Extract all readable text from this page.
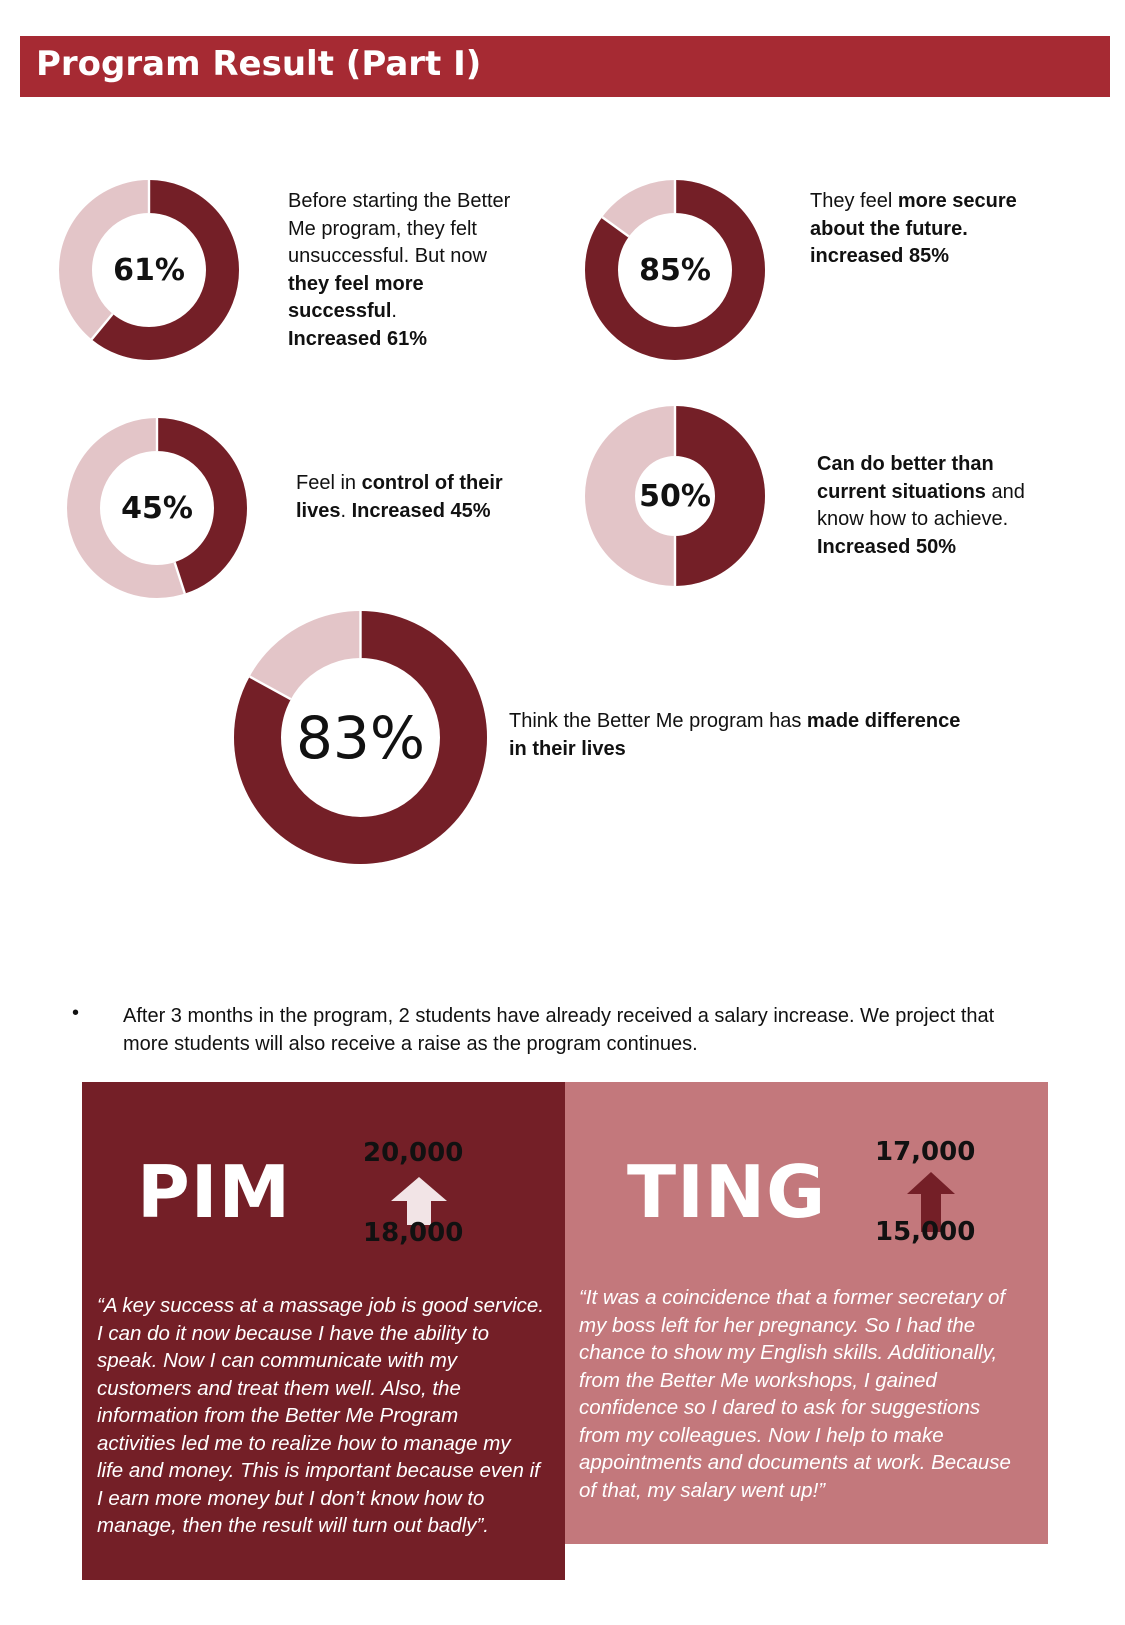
Program Result (Part I)
61%
Before starting the Better
Me program, they felt
unsuccessful. But now
they feel more
successful.
Increased 61%
85%
They feel more secure
about the future.
increased 85%
45%
Feel in control of their
lives. Increased 45%	50%
Can do better than
current situations and
know how to achieve.
Increased 50%
83%	Think the Better Me program has made difference
in their lives
• After 3 months in the program, 2 students have already received a salary increase. We project that
more students will also receive a raise as the program continues.
PIM	20,000
18,000
“A key success at a massage job is good service.
I can do it now because I have the ability to
speak. Now I can communicate with my
customers and treat them well. Also, the
information from the Better Me Program
activities led me to realize how to manage my
life and money. This is important because even if
I earn more money but I don’t know how to
manage, then the result will turn out badly”.
TING 17,000
15,000
“It was a coincidence that a former secretary of
my boss left for her pregnancy. So I had the
chance to show my English skills. Additionally,
from the Better Me workshops, I gained
confidence so I dared to ask for suggestions
from my colleagues. Now I help to make
appointments and documents at work. Because
of that, my salary went up!”
